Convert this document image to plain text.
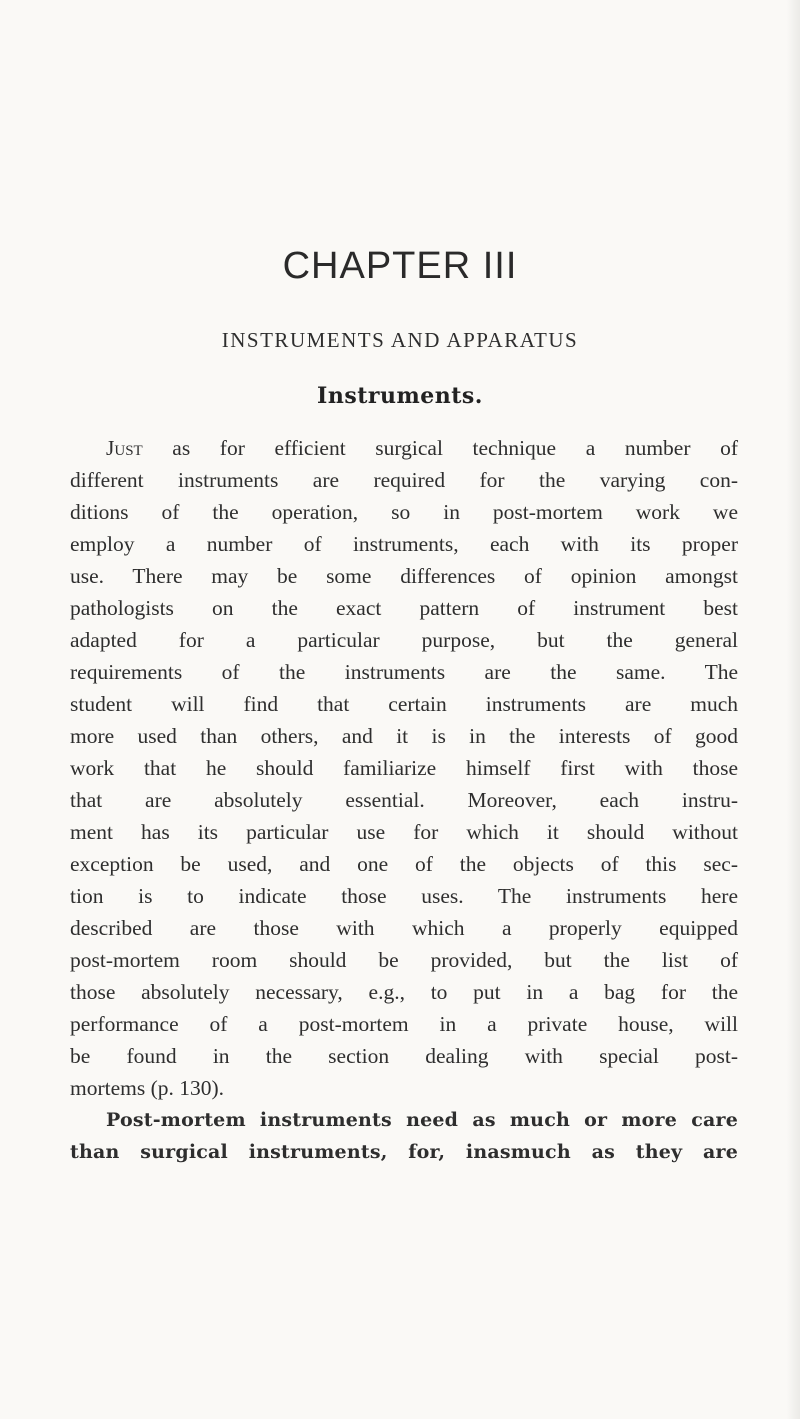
CHAPTER III
INSTRUMENTS AND APPARATUS
Instruments.
Just as for efficient surgical technique a number of
different instruments are required for the varying con-
ditions of the operation, so in post-mortem work we
employ a number of instruments, each with its proper
use. There may be some differences of opinion amongst
pathologists on the exact pattern of instrument best
adapted for a particular purpose, but the general
requirements of the instruments are the same. The
student will find that certain instruments are much
more used than others, and it is in the interests of good
work that he should familiarize himself first with those
that are absolutely essential. Moreover, each instru-
ment has its particular use for which it should without
exception be used, and one of the objects of this sec-
tion is to indicate those uses. The instruments here
described are those with which a properly equipped
post-mortem room should be provided, but the list of
those absolutely necessary, e.g., to put in a bag for the
performance of a post-mortem in a private house, will
be found in the section dealing with special post-
mortems (p. 130).
Post-mortem instruments need as much or more care
than surgical instruments, for, inasmuch as they are
